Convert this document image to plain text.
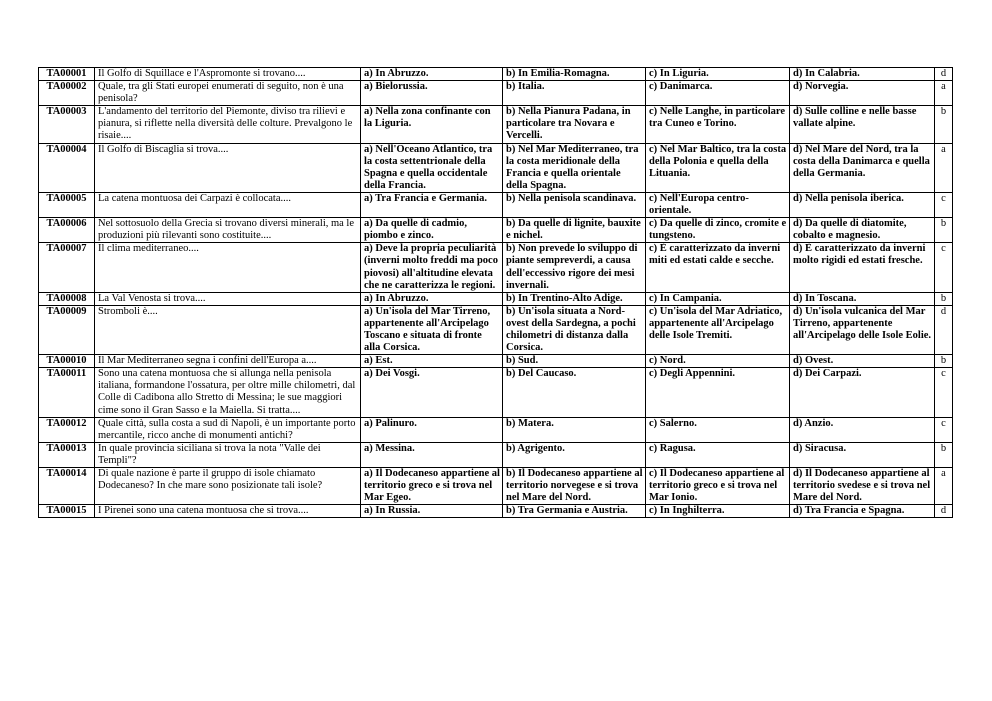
TA00001	Il Golfo di Squillace e l'Aspromonte si trovano....	a) In Abruzzo.	b) In Emilia-Romagna.	c) In Liguria.	d) In Calabria.	d
TA00002	Quale, tra gli Stati europei enumerati di seguito, non è una penisola?	a) Bielorussia.	b) Italia.	c) Danimarca.	d) Norvegia.	a
TA00003	L'andamento del territorio del Piemonte, diviso tra rilievi e pianura, si riflette nella diversità delle colture. Prevalgono le risaie....	a) Nella zona confinante con la Liguria.	b) Nella Pianura Padana, in particolare tra Novara e Vercelli.	c) Nelle Langhe, in particolare tra Cuneo e Torino.	d) Sulle colline e nelle basse vallate alpine.	b
TA00004	Il Golfo di Biscaglia si trova....	a) Nell'Oceano Atlantico, tra la costa settentrionale della Spagna e quella occidentale della Francia.	b) Nel Mar Mediterraneo, tra la costa meridionale della Francia e quella orientale della Spagna.	c) Nel Mar Baltico, tra la costa della Polonia e quella della Lituania.	d) Nel Mare del Nord, tra la costa della Danimarca e quella della Germania.	a
TA00005	La catena montuosa dei Carpazi è collocata....	a) Tra Francia e Germania.	b) Nella penisola scandinava.	c) Nell'Europa centro-orientale.	d) Nella penisola iberica.	c
TA00006	Nel sottosuolo della Grecia si trovano diversi minerali, ma le produzioni più rilevanti sono costituite....	a) Da quelle di cadmio, piombo e zinco.	b) Da quelle di lignite, bauxite e nichel.	c) Da quelle di zinco, cromite e tungsteno.	d) Da quelle di diatomite, cobalto e magnesio.	b
TA00007	Il clima mediterraneo....	a) Deve la propria peculiarità (inverni molto freddi ma poco piovosi) all'altitudine elevata che ne caratterizza le regioni.	b) Non prevede lo sviluppo di piante sempreverdi, a causa dell'eccessivo rigore dei mesi invernali.	c) È caratterizzato da inverni miti ed estati calde e secche.	d) È caratterizzato da inverni molto rigidi ed estati fresche.	c
TA00008	La Val Venosta si trova....	a) In Abruzzo.	b) In Trentino-Alto Adige.	c) In Campania.	d) In Toscana.	b
TA00009	Stromboli è....	a) Un'isola del Mar Tirreno, appartenente all'Arcipelago Toscano e situata di fronte alla Corsica.	b) Un'isola situata a Nord-ovest della Sardegna, a pochi chilometri di distanza dalla Corsica.	c) Un'isola del Mar Adriatico, appartenente all'Arcipelago delle Isole Tremiti.	d) Un'isola vulcanica del Mar Tirreno, appartenente all'Arcipelago delle Isole Eolie.	d
TA00010	Il Mar Mediterraneo segna i confini dell'Europa a....	a) Est.	b) Sud.	c) Nord.	d) Ovest.	b
TA00011	Sono una catena montuosa che si allunga nella penisola italiana, formandone l'ossatura, per oltre mille chilometri, dal Colle di Cadibona allo Stretto di Messina; le sue maggiori cime sono il Gran Sasso e la Maiella. Si tratta....	a) Dei Vosgi.	b) Del Caucaso.	c) Degli Appennini.	d) Dei Carpazi.	c
TA00012	Quale città, sulla costa a sud di Napoli, è un importante porto mercantile, ricco anche di monumenti antichi?	a) Palinuro.	b) Matera.	c) Salerno.	d) Anzio.	c
TA00013	In quale provincia siciliana si trova la nota "Valle dei Templi"?	a) Messina.	b) Agrigento.	c) Ragusa.	d) Siracusa.	b
TA00014	Di quale nazione è parte il gruppo di isole chiamato Dodecaneso? In che mare sono posizionate tali isole?	a) Il Dodecaneso appartiene al territorio greco e si trova nel Mar Egeo.	b) Il Dodecaneso appartiene al territorio norvegese e si trova nel Mare del Nord.	c) Il Dodecaneso appartiene al territorio greco e si trova nel Mar Ionio.	d) Il Dodecaneso appartiene al territorio svedese e si trova nel Mare del Nord.	a
TA00015	I Pirenei sono una catena montuosa che si trova....	a) In Russia.	b) Tra Germania e Austria.	c) In Inghilterra.	d) Tra Francia e Spagna.	d
